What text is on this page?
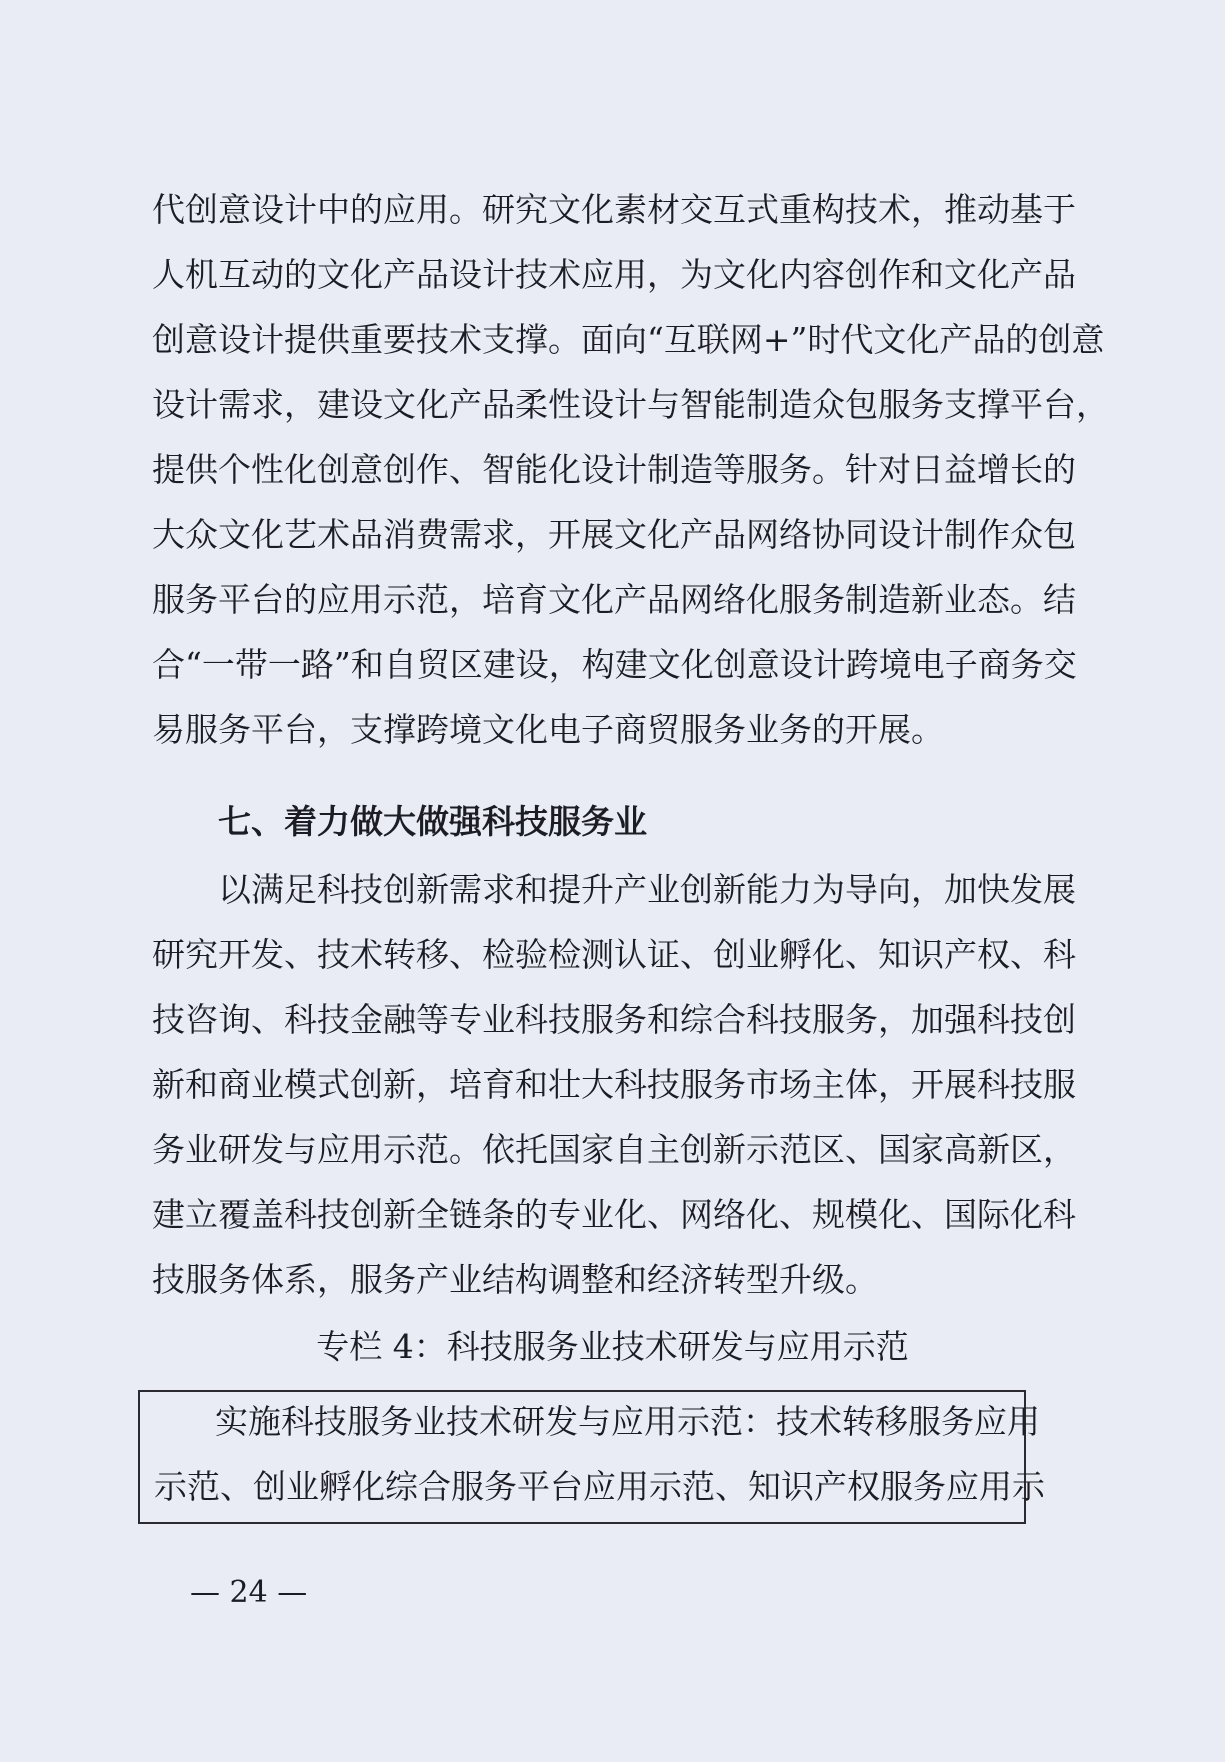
代创意设计中的应用。研究文化素材交互式重构技术，推动基于
人机互动的文化产品设计技术应用，为文化内容创作和文化产品
创意设计提供重要技术支撑。面向“互联网+”时代文化产品的创意
设计需求，建设文化产品柔性设计与智能制造众包服务支撑平台，
提供个性化创意创作、智能化设计制造等服务。针对日益增长的
大众文化艺术品消费需求，开展文化产品网络协同设计制作众包
服务平台的应用示范，培育文化产品网络化服务制造新业态。结
合“一带一路”和自贸区建设，构建文化创意设计跨境电子商务交
易服务平台，支撑跨境文化电子商贸服务业务的开展。
七、着力做大做强科技服务业
以满足科技创新需求和提升产业创新能力为导向，加快发展
研究开发、技术转移、检验检测认证、创业孵化、知识产权、科
技咨询、科技金融等专业科技服务和综合科技服务，加强科技创
新和商业模式创新，培育和壮大科技服务市场主体，开展科技服
务业研发与应用示范。依托国家自主创新示范区、国家高新区，
建立覆盖科技创新全链条的专业化、网络化、规模化、国际化科
技服务体系，服务产业结构调整和经济转型升级。
专栏 4：科技服务业技术研发与应用示范
实施科技服务业技术研发与应用示范：技术转移服务应用
示范、创业孵化综合服务平台应用示范、知识产权服务应用示
— 24 —
